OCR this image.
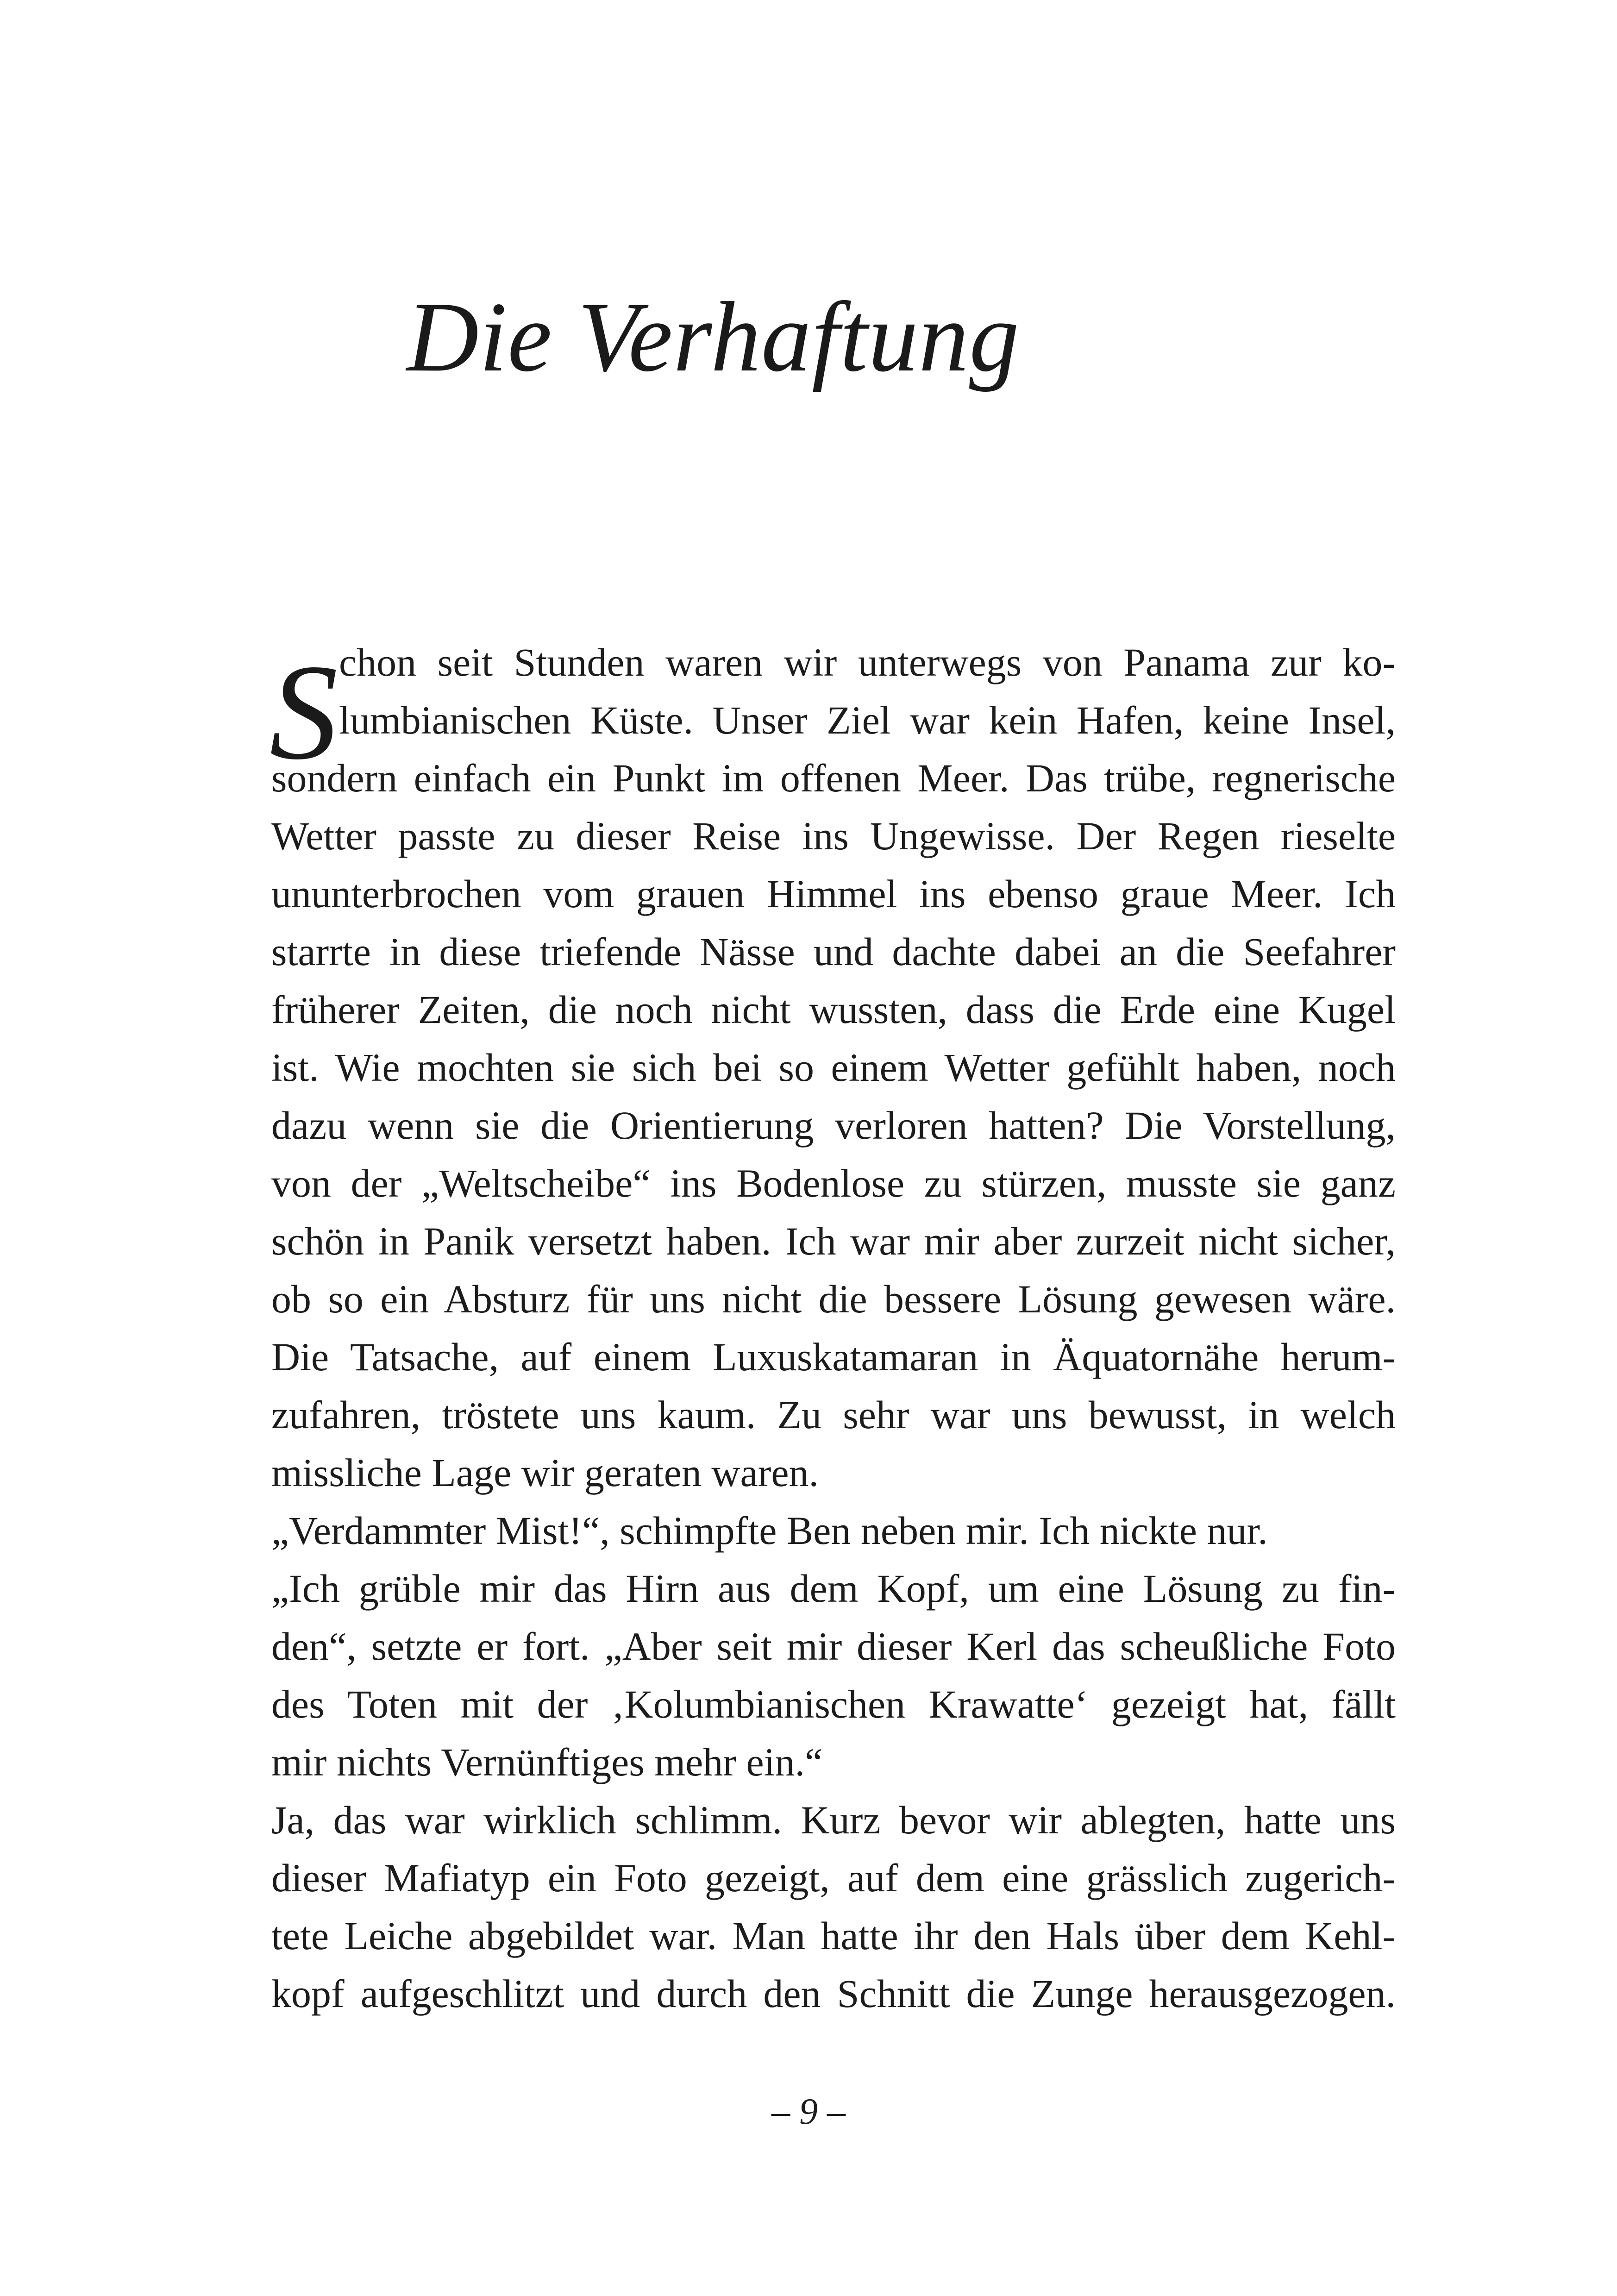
Die Verhaftung
S chon seit Stunden waren wir unterwegs von Panama zur ko-
lumbianischen Küste. Unser Ziel war kein Hafen, keine Insel,
sondern einfach ein Punkt im offenen Meer. Das trübe, regnerische
Wetter passte zu dieser Reise ins Ungewisse. Der Regen rieselte
ununterbrochen vom grauen Himmel ins ebenso graue Meer. Ich
starrte in diese triefende Nässe und dachte dabei an die Seefahrer
früherer Zeiten, die noch nicht wussten, dass die Erde eine Kugel
ist. Wie mochten sie sich bei so einem Wetter gefühlt haben, noch
dazu wenn sie die Orientierung verloren hatten? Die Vorstellung,
von der „Weltscheibe“ ins Bodenlose zu stürzen, musste sie ganz
schön in Panik versetzt haben. Ich war mir aber zurzeit nicht sicher,
ob so ein Absturz für uns nicht die bessere Lösung gewesen wäre.
Die Tatsache, auf einem Luxuskatamaran in Äquatornähe herum-
zufahren, tröstete uns kaum. Zu sehr war uns bewusst, in welch
missliche Lage wir geraten waren.
„Verdammter Mist!“, schimpfte Ben neben mir. Ich nickte nur.
„Ich grüble mir das Hirn aus dem Kopf, um eine Lösung zu fin-
den“, setzte er fort. „Aber seit mir dieser Kerl das scheußliche Foto
des Toten mit der ‚Kolumbianischen Krawatte‘ gezeigt hat, fällt
mir nichts Vernünftiges mehr ein.“
Ja, das war wirklich schlimm. Kurz bevor wir ablegten, hatte uns
dieser Mafiatyp ein Foto gezeigt, auf dem eine grässlich zugerich-
tete Leiche abgebildet war. Man hatte ihr den Hals über dem Kehl-
kopf aufgeschlitzt und durch den Schnitt die Zunge herausgezogen.
– 9 –
